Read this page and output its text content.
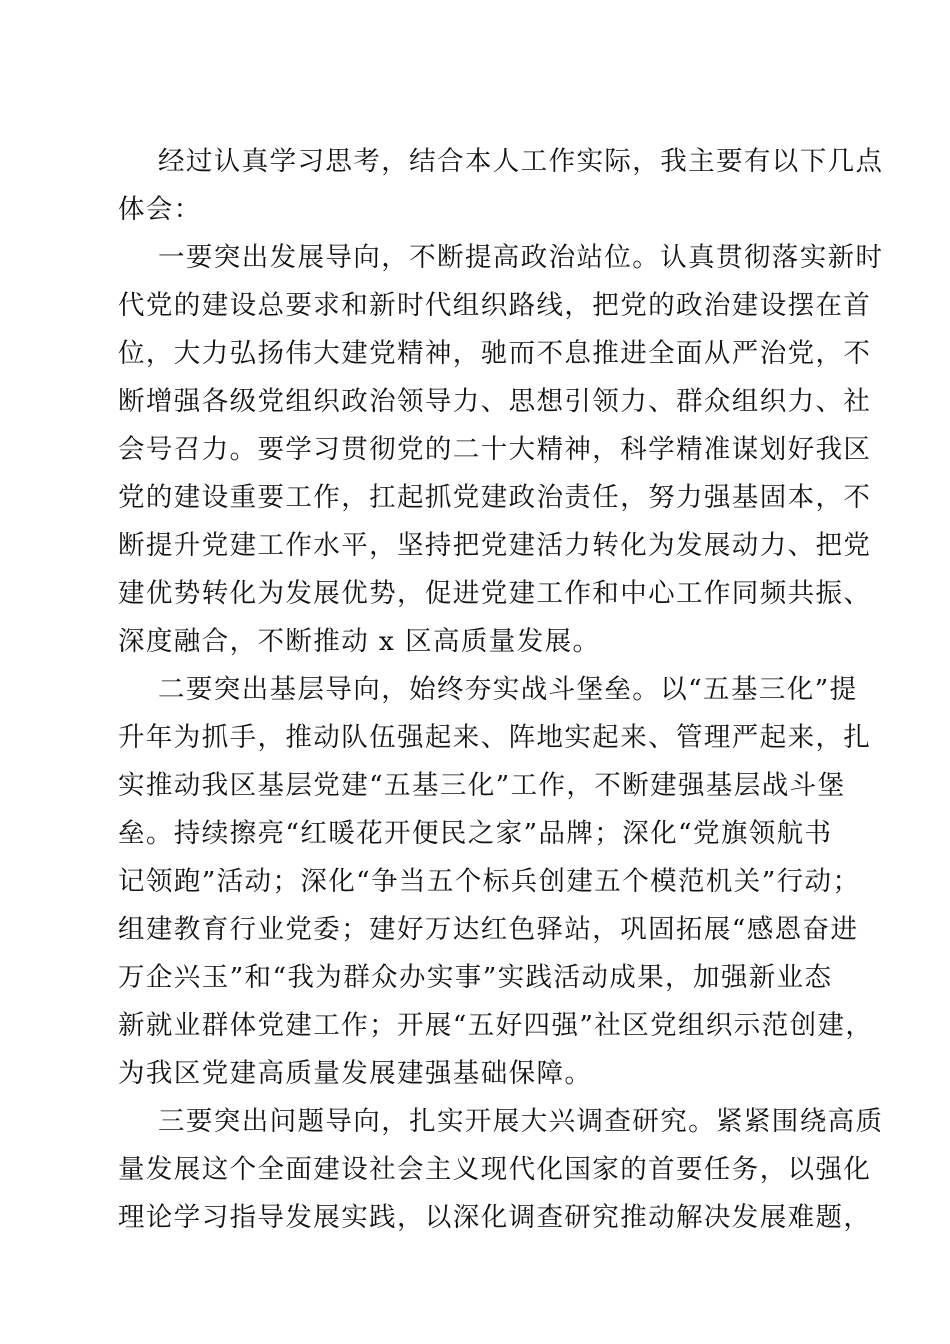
经过认真学习思考，结合本人工作实际，我主要有以下几点
体会：
一要突出发展导向，不断提高政治站位。认真贯彻落实新时
代党的建设总要求和新时代组织路线，把党的政治建设摆在首
位，大力弘扬伟大建党精神，驰而不息推进全面从严治党，不
断增强各级党组织政治领导力、思想引领力、群众组织力、社
会号召力。要学习贯彻党的二十大精神，科学精准谋划好我区
党的建设重要工作，扛起抓党建政治责任，努力强基固本，不
断提升党建工作水平，坚持把党建活力转化为发展动力、把党
建优势转化为发展优势，促进党建工作和中心工作同频共振、
深度融合，不断推动 x 区高质量发展。
二要突出基层导向，始终夯实战斗堡垒。以“五基三化”提
升年为抓手，推动队伍强起来、阵地实起来、管理严起来，扎
实推动我区基层党建“五基三化”工作，不断建强基层战斗堡
垒。持续擦亮“红暖花开便民之家”品牌；深化“党旗领航书
记领跑”活动；深化“争当五个标兵创建五个模范机关”行动；
组建教育行业党委；建好万达红色驿站，巩固拓展“感恩奋进
万企兴玉”和“我为群众办实事”实践活动成果，加强新业态
新就业群体党建工作；开展“五好四强”社区党组织示范创建，
为我区党建高质量发展建强基础保障。
三要突出问题导向，扎实开展大兴调查研究。紧紧围绕高质
量发展这个全面建设社会主义现代化国家的首要任务，以强化
理论学习指导发展实践，以深化调查研究推动解决发展难题，
